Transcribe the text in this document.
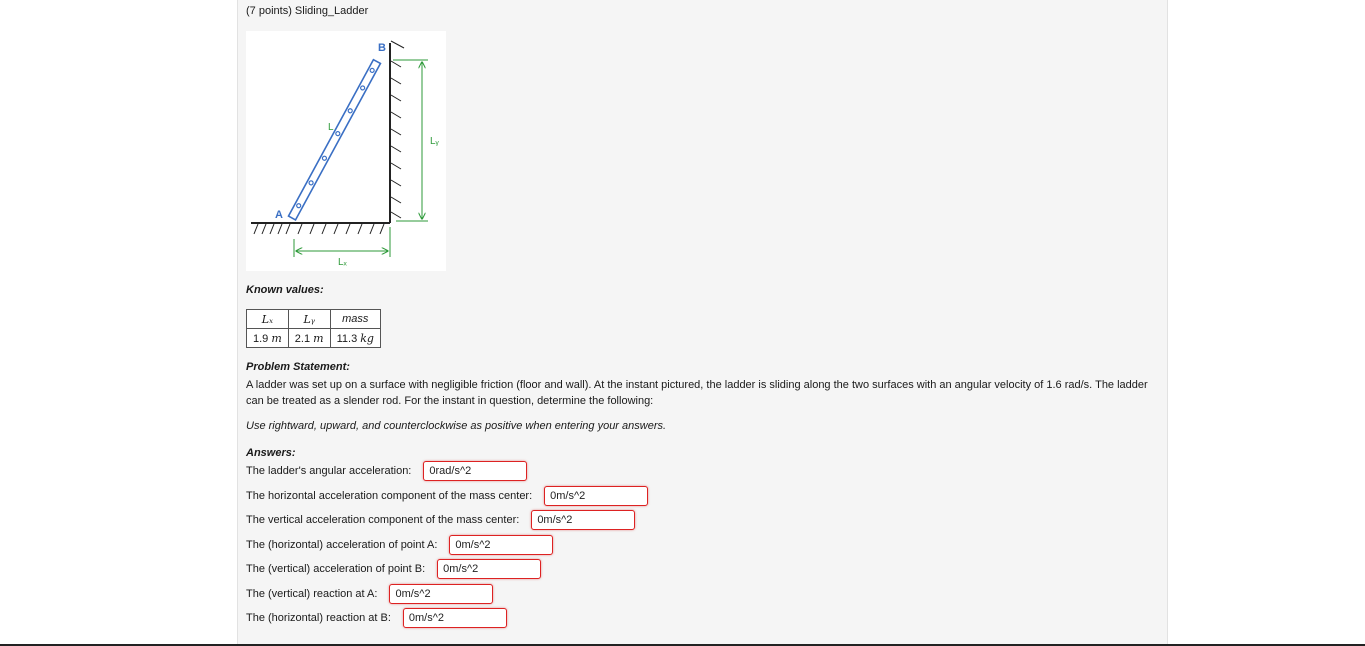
(7 points) Sliding_Ladder
A
B
L
Lₓ
Lᵧ
Known values:
Lₓ	Lᵧ	mass
1.9 m	2.1 m	11.3 kg
Problem Statement:
A ladder was set up on a surface with negligible friction (floor and wall). At the instant pictured, the ladder is sliding along the two surfaces with an angular velocity of 1.6 rad/s. The ladder can be treated as a slender rod. For the instant in question, determine the following:
Use rightward, upward, and counterclockwise as positive when entering your answers.
Answers:
The ladder's angular acceleration:
0rad/s^2
The horizontal acceleration component of the mass center:
0m/s^2
The vertical acceleration component of the mass center:
0m/s^2
The (horizontal) acceleration of point A:
0m/s^2
The (vertical) acceleration of point B:
0m/s^2
The (vertical) reaction at A:
0m/s^2
The (horizontal) reaction at B:
0m/s^2
